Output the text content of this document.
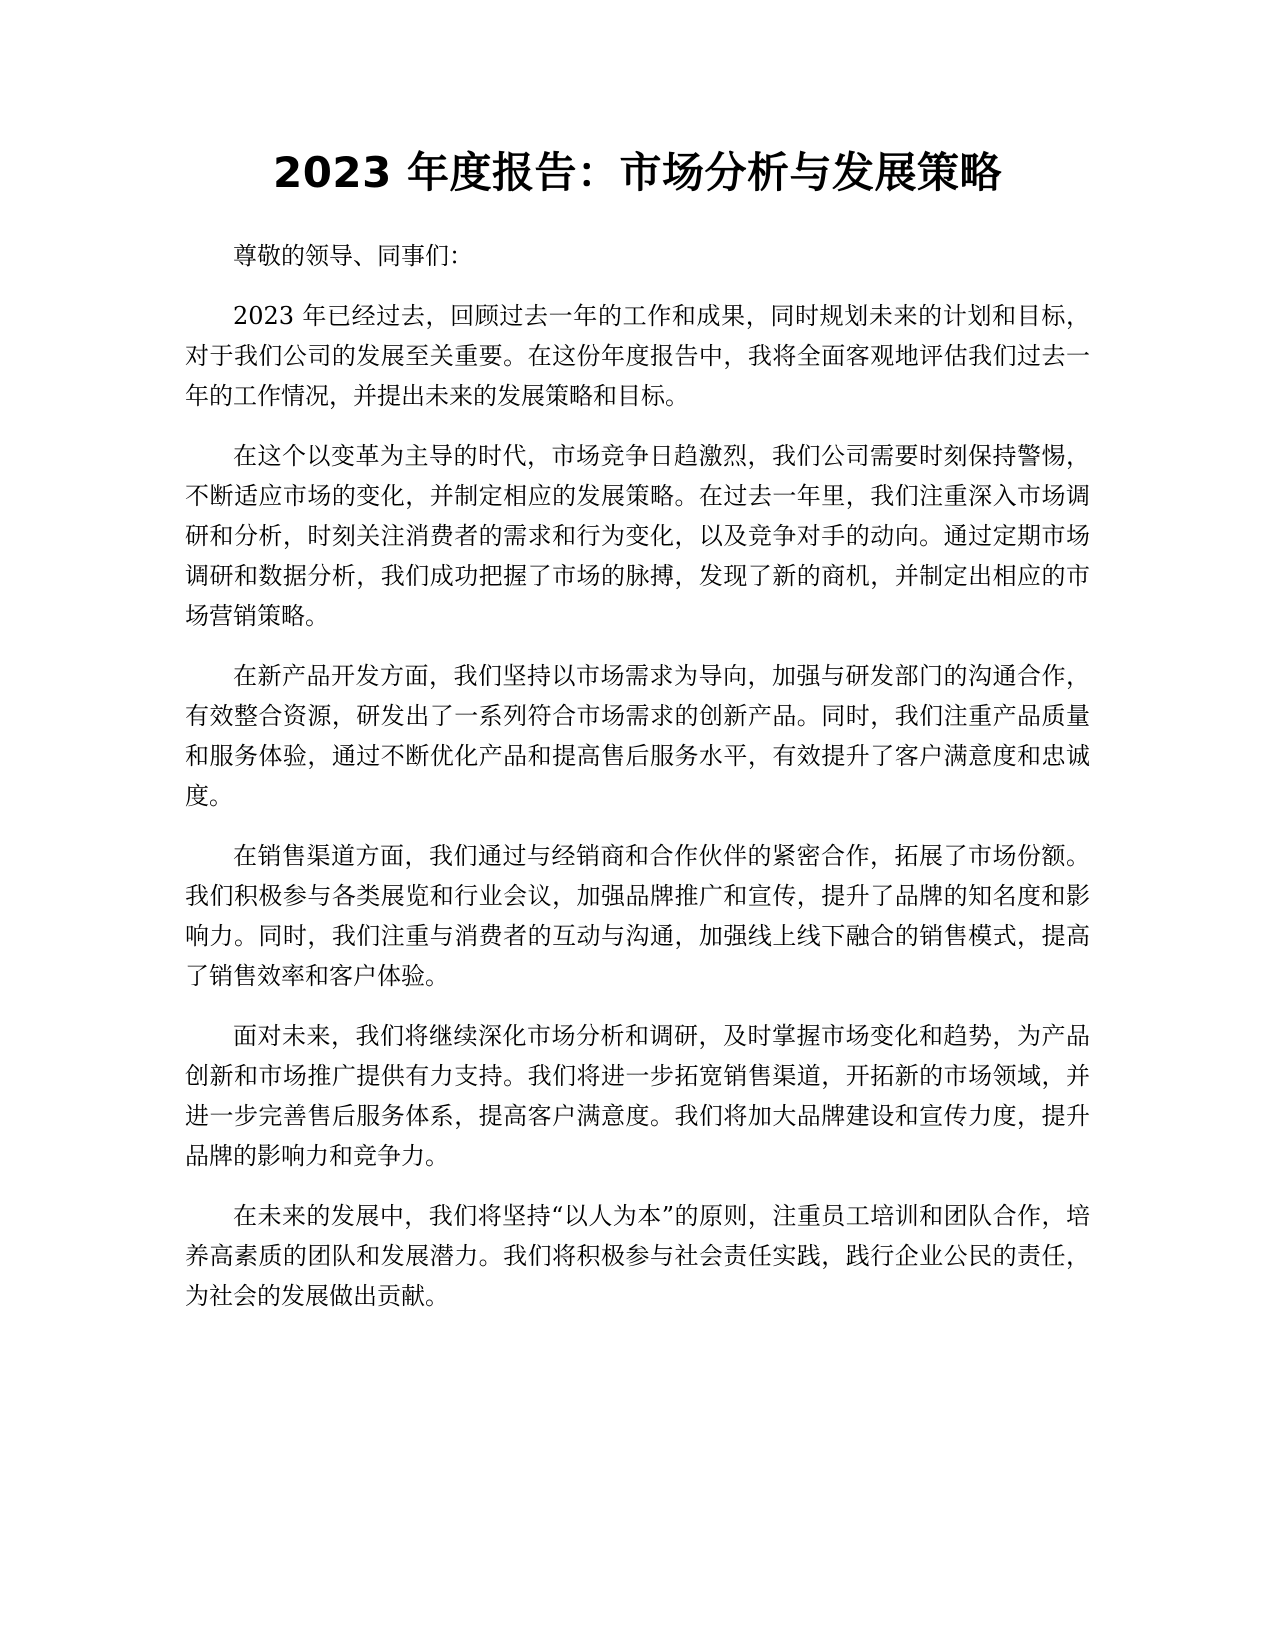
2023 年度报告：市场分析与发展策略

尊敬的领导、同事们：

2023 年已经过去，回顾过去一年的工作和成果，同时规划未来的计划和目标，对于我们公司的发展至关重要。在这份年度报告中，我将全面客观地评估我们过去一年的工作情况，并提出未来的发展策略和目标。

在这个以变革为主导的时代，市场竞争日趋激烈，我们公司需要时刻保持警惕，不断适应市场的变化，并制定相应的发展策略。在过去一年里，我们注重深入市场调研和分析，时刻关注消费者的需求和行为变化，以及竞争对手的动向。通过定期市场调研和数据分析，我们成功把握了市场的脉搏，发现了新的商机，并制定出相应的市场营销策略。

在新产品开发方面，我们坚持以市场需求为导向，加强与研发部门的沟通合作，有效整合资源，研发出了一系列符合市场需求的创新产品。同时，我们注重产品质量和服务体验，通过不断优化产品和提高售后服务水平，有效提升了客户满意度和忠诚度。

在销售渠道方面，我们通过与经销商和合作伙伴的紧密合作，拓展了市场份额。我们积极参与各类展览和行业会议，加强品牌推广和宣传，提升了品牌的知名度和影响力。同时，我们注重与消费者的互动与沟通，加强线上线下融合的销售模式，提高了销售效率和客户体验。

面对未来，我们将继续深化市场分析和调研，及时掌握市场变化和趋势，为产品创新和市场推广提供有力支持。我们将进一步拓宽销售渠道，开拓新的市场领域，并进一步完善售后服务体系，提高客户满意度。我们将加大品牌建设和宣传力度，提升品牌的影响力和竞争力。

在未来的发展中，我们将坚持“以人为本”的原则，注重员工培训和团队合作，培养高素质的团队和发展潜力。我们将积极参与社会责任实践，践行企业公民的责任，为社会的发展做出贡献。
